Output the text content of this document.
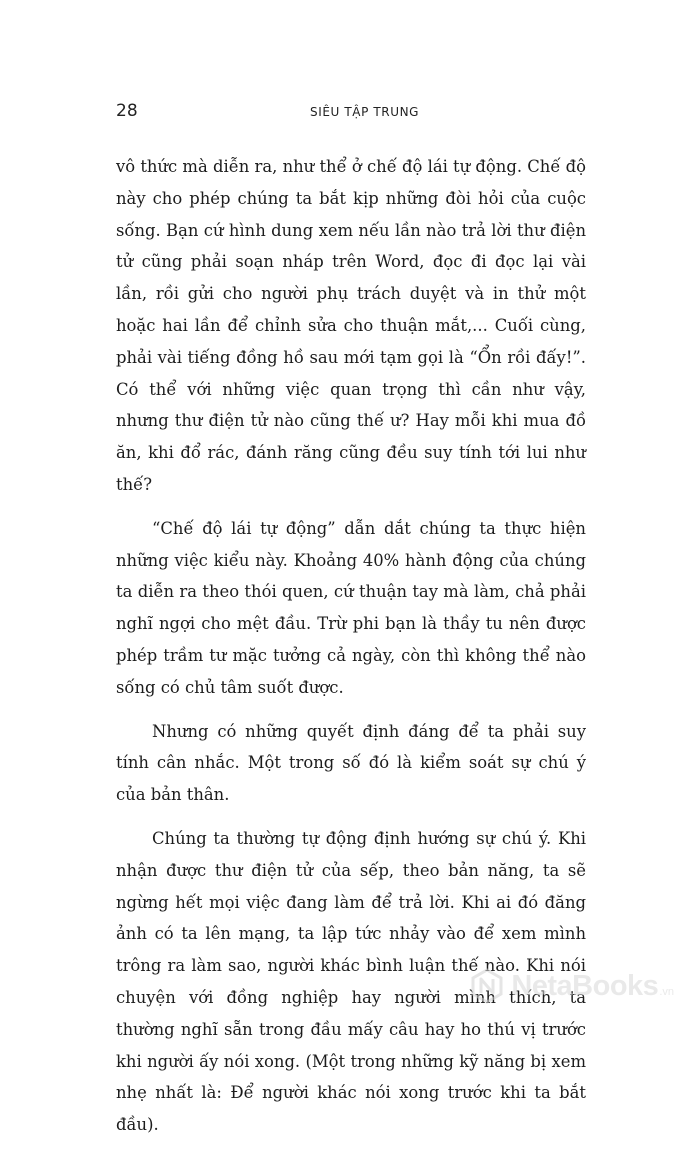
28	SIÊU TẬP TRUNG

vô thức mà diễn ra, như thể ở chế độ lái tự động. Chế độ này cho phép chúng ta bắt kịp những đòi hỏi của cuộc sống. Bạn cứ hình dung xem nếu lần nào trả lời thư điện tử cũng phải soạn nháp trên Word, đọc đi đọc lại vài lần, rồi gửi cho người phụ trách duyệt và in thử một hoặc hai lần để chỉnh sửa cho thuận mắt,... Cuối cùng, phải vài tiếng đồng hồ sau mới tạm gọi là “Ổn rồi đấy!”. Có thể với những việc quan trọng thì cần như vậy, nhưng thư điện tử nào cũng thế ư? Hay mỗi khi mua đồ ăn, khi đổ rác, đánh răng cũng đều suy tính tới lui như thế?

“Chế độ lái tự động” dẫn dắt chúng ta thực hiện những việc kiểu này. Khoảng 40% hành động của chúng ta diễn ra theo thói quen, cứ thuận tay mà làm, chả phải nghĩ ngợi cho mệt đầu. Trừ phi bạn là thầy tu nên được phép trầm tư mặc tưởng cả ngày, còn thì không thể nào sống có chủ tâm suốt được.

Nhưng có những quyết định đáng để ta phải suy tính cân nhắc. Một trong số đó là kiểm soát sự chú ý của bản thân.

Chúng ta thường tự động định hướng sự chú ý. Khi nhận được thư điện tử của sếp, theo bản năng, ta sẽ ngừng hết mọi việc đang làm để trả lời. Khi ai đó đăng ảnh có ta lên mạng, ta lập tức nhảy vào để xem mình trông ra làm sao, người khác bình luận thế nào. Khi nói chuyện với đồng nghiệp hay người mình thích, ta thường nghĩ sẵn trong đầu mấy câu hay ho thú vị trước khi người ấy nói xong. (Một trong những kỹ năng bị xem nhẹ nhất là: Để người khác nói xong trước khi ta bắt đầu).

NetaBooks .vn
